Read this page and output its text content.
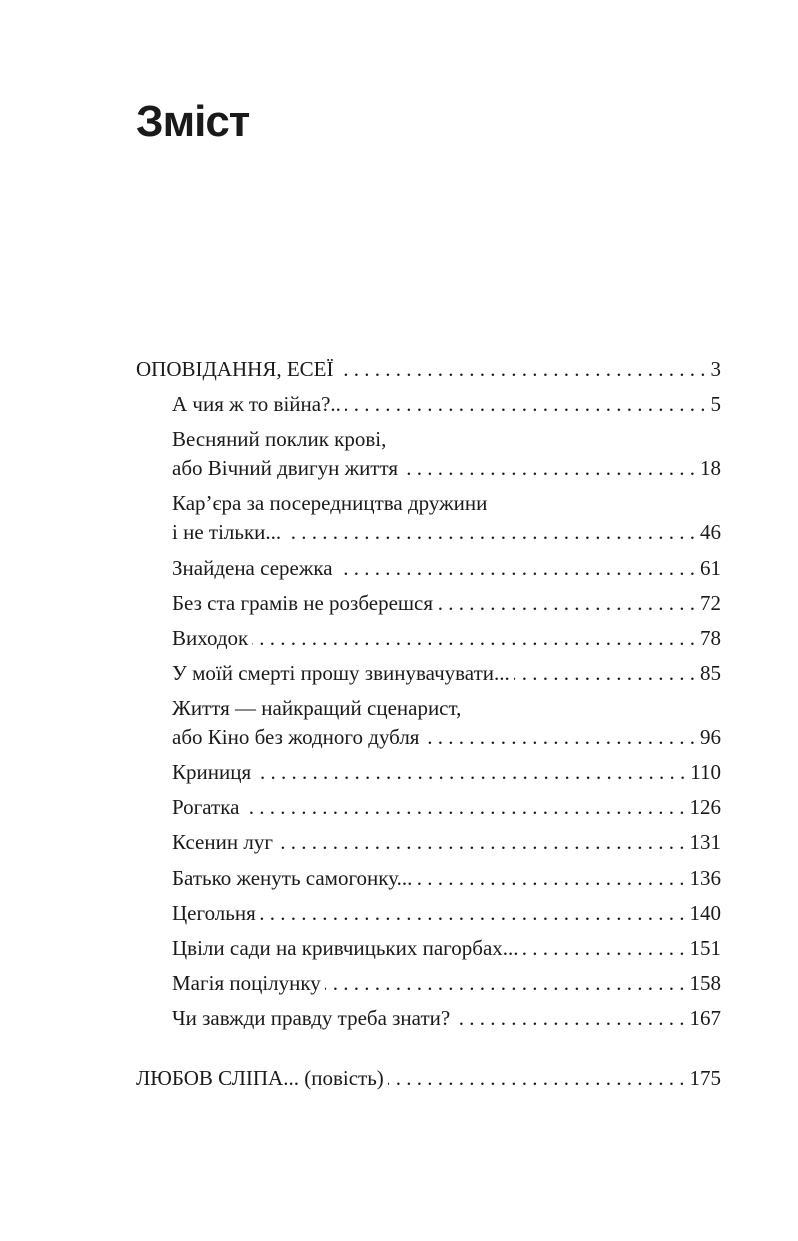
Зміст
ОПОВІДАННЯ, ЕСЕЇ . . .	3
А чия ж то війна?.. . . .	5
Весняний поклик крові,
або Вічний двигун життя . . .	18
Кар’єра за посередництва дружини
і не тільки... . . .	46
Знайдена сережка . . .	61
Без ста грамів не розберешся . . .	72
Виходок . . .	78
У моїй смерті прошу звинувачувати... . . .	85
Життя — найкращий сценарист,
або Кіно без жодного дубля . . .	96
Криниця . . .	110
Рогатка . . .	126
Ксенин луг . . .	131
Батько женуть самогонку... . . .	136
Цегольня . . .	140
Цвіли сади на кривчицьких пагорбах... . . .	151
Магія поцілунку . . .	158
Чи завжди правду треба знати? . . .	167
ЛЮБОВ СЛІПА... (повість) . . .	175
